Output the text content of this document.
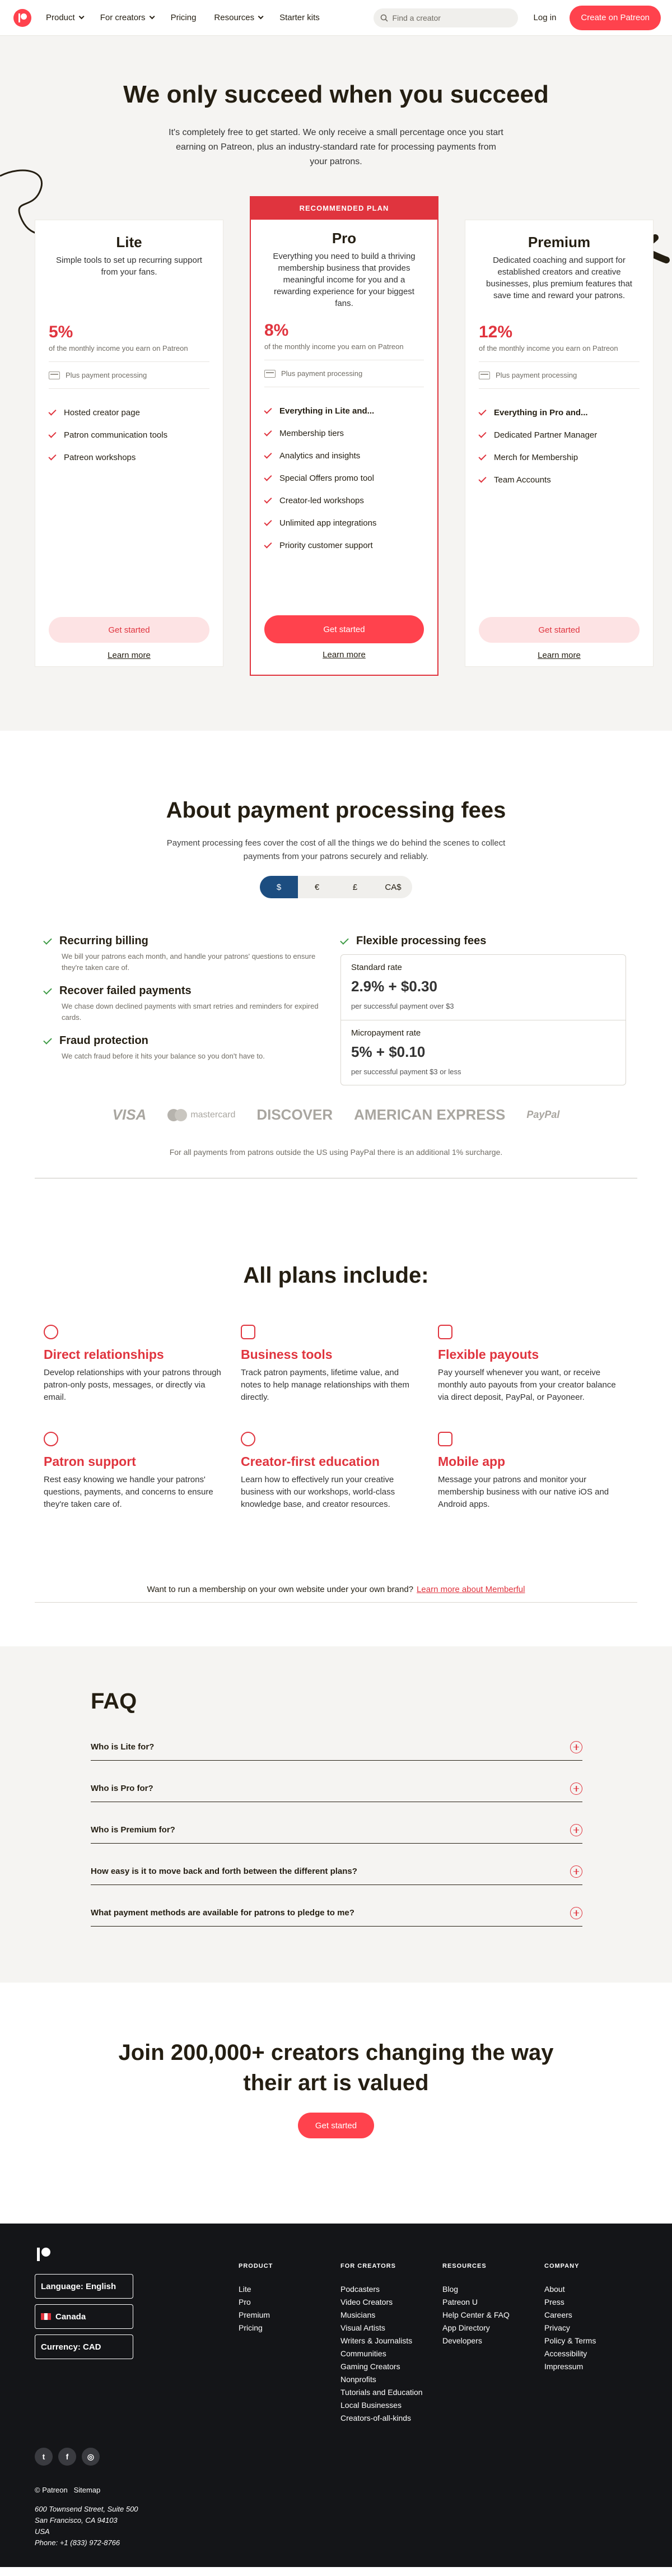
Product	For creators	Pricing Resources	Starter kits	Find a creator	Log in	Create on Patreon
We only succeed when you succeed

It's completely free to get started. We only receive a small percentage once you start earning on Patreon, plus an industry-standard rate for processing payments from your patrons.

Lite

Simple tools to set up recurring support from your fans.

5%
of the monthly income you earn on Patreon
Plus payment processing
Hosted creator page
Patron communication tools
Patreon workshops
Get started
Learn more
RECOMMENDED PLAN
Pro

Everything you need to build a thriving membership business that provides meaningful income for you and a rewarding experience for your biggest fans.

8%
of the monthly income you earn on Patreon
Plus payment processing
Everything in Lite and...
Membership tiers
Analytics and insights
Special Offers promo tool
Creator-led workshops
Unlimited app integrations
Priority customer support
Get started
Learn more
Premium

Dedicated coaching and support for established creators and creative businesses, plus premium features that save time and reward your patrons.

12%
of the monthly income you earn on Patreon
Plus payment processing
Everything in Pro and...
Dedicated Partner Manager
Merch for Membership
Team Accounts
Get started
Learn more
About payment processing fees

Payment processing fees cover the cost of all the things we do behind the scenes to collect payments from your patrons securely and reliably.

$	€	£	CA$
Recurring billing
We bill your patrons each month, and handle your patrons' questions to ensure they're taken care of.
Recover failed payments
We chase down declined payments with smart retries and reminders for expired cards.
Fraud protection
We catch fraud before it hits your balance so you don't have to.
Flexible processing fees
Standard rate
2.9% + $0.30
per successful payment over $3
Micropayment rate
5% + $0.10
per successful payment $3 or less
VISA	mastercard DISCOVER AMERICAN EXPRESS PayPal
For all payments from patrons outside the US using PayPal there is an additional 1% surcharge.
All plans include:
Direct relationships

Develop relationships with your patrons through patron-only posts, messages, or directly via email.

Business tools

Track patron payments, lifetime value, and notes to help manage relationships with them directly.

Flexible payouts

Pay yourself whenever you want, or receive monthly auto payouts from your creator balance via direct deposit, PayPal, or Payoneer.

Patron support

Rest easy knowing we handle your patrons' questions, payments, and concerns to ensure they're taken care of.

Creator-first education

Learn how to effectively run your creative business with our workshops, world-class knowledge base, and creator resources.

Mobile app

Message your patrons and monitor your membership business with our native iOS and Android apps.

Want to run a membership on your own website under your own brand? Learn more about Memberful
FAQ
Who is Lite for?
Who is Pro for?
Who is Premium for?
How easy is it to move back and forth between the different plans?
What payment methods are available for patrons to pledge to me?
Join 200,000+ creators changing the way their art is valued
Get started
Language: English
Canada
Currency: CAD
PRODUCT
Lite
Pro
Premium
Pricing
FOR CREATORS
Podcasters
Video Creators
Musicians
Visual Artists
Writers & Journalists
Communities
Gaming Creators
Nonprofits
Tutorials and Education
Local Businesses
Creators-of-all-kinds
RESOURCES
Blog
Patreon U
Help Center & FAQ
App Directory
Developers
COMPANY
About
Press
Careers
Privacy
Policy & Terms
Accessibility
Impressum
t	f	◎
© Patreon Sitemap
600 Townsend Street, Suite 500
San Francisco, CA 94103
USA
Phone: +1 (833) 972-8766
